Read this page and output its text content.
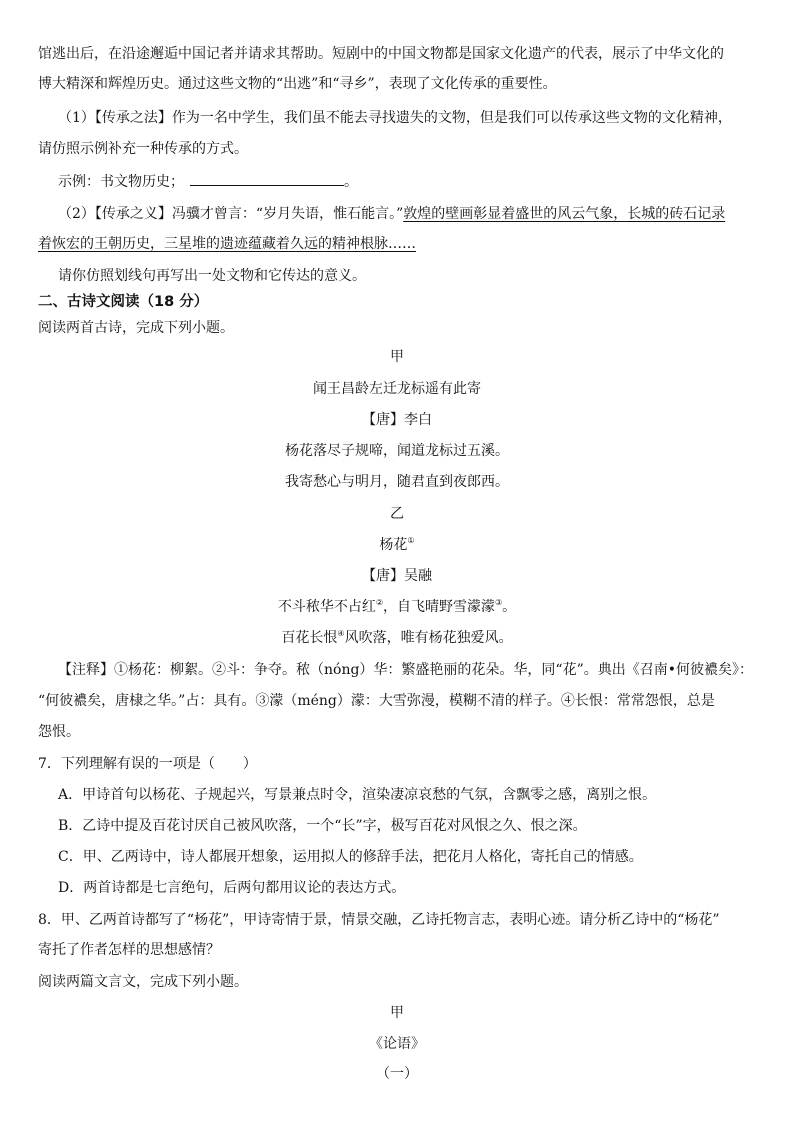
馆逃出后，在沿途邂逅中国记者并请求其帮助。短剧中的中国文物都是国家文化遗产的代表，展示了中华文化的
博大精深和辉煌历史。通过这些文物的“出逃”和“寻乡”，表现了文化传承的重要性。
（1）【传承之法】作为一名中学生，我们虽不能去寻找遗失的文物，但是我们可以传承这些文物的文化精神，
请仿照示例补充一种传承的方式。
示例：书文物历史；	。
（2）【传承之义】冯骥才曾言：“岁月失语，惟石能言。”敦煌的壁画彰显着盛世的风云气象，长城的砖石记录
着恢宏的王朝历史，三星堆的遗迹蕴藏着久远的精神根脉……
请你仿照划线句再写出一处文物和它传达的意义。
二、古诗文阅读（18 分）
阅读两首古诗，完成下列小题。
甲
闻王昌龄左迁龙标遥有此寄
【唐】李白
杨花落尽子规啼，闻道龙标过五溪。
我寄愁心与明月，随君直到夜郎西。
乙
杨花①
【唐】吴融
不斗秾华不占红②，自飞晴野雪濛濛③。
百花长恨④风吹落，唯有杨花独爱风。
【注释】①杨花：柳絮。②斗：争夺。秾（nóng）华：繁盛艳丽的花朵。华，同“花”。典出《召南•何彼襛矣》：
“何彼襛矣，唐棣之华。”占：具有。③濛（méng）濛：大雪弥漫，模糊不清的样子。④长恨：常常怨恨，总是
怨恨。
7．下列理解有误的一项是（　　）
A．甲诗首句以杨花、子规起兴，写景兼点时令，渲染凄凉哀愁的气氛，含飘零之感，离别之恨。
B．乙诗中提及百花讨厌自己被风吹落，一个“长”字，极写百花对风恨之久、恨之深。
C．甲、乙两诗中，诗人都展开想象，运用拟人的修辞手法，把花月人格化，寄托自己的情感。
D．两首诗都是七言绝句，后两句都用议论的表达方式。
8．甲、乙两首诗都写了“杨花”，甲诗寄情于景，情景交融，乙诗托物言志，表明心迹。请分析乙诗中的“杨花”
寄托了作者怎样的思想感情？
阅读两篇文言文，完成下列小题。
甲
《论语》
（一）
